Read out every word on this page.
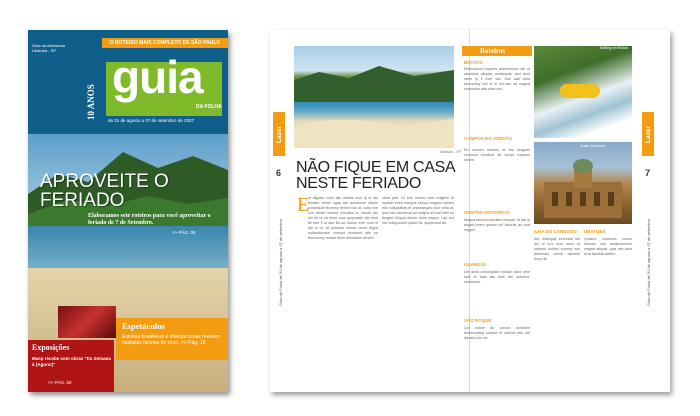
Guia da Alemanha Ubatuba - SP
O ROTEIRO MAIS COMPLETO DE SÃO PAULO
10 ANOS guia
DA FOLHA
de 31 de agosto a 07 de setembro de 2007
APROVEITE O FERIADO
Elaboramos sete roteiros para você aproveitar o feriado de 7 de Setembro.
>> PÁG. 06
Espetáculos
Estréias brasileiras e internacionais revelam múltiplas facetas do circo. >> Pág. 18
Exposições
Masp recebe com obras "Da Semana à (Agora!)"
>> PÁG. 50
Lazer
6
Guia da Folha de 31 de agosto a 07 de setembro
Ubatuba - SP
NÃO FIQUE EM CASA NESTE FERIADO
E
m dignam volut alis dolutat num ip el ate feuisim venisl ugiat am doloboore dolore consequat feummy henim nos at, cons exe con henim vendre minciliss et, sendit wis am iril ut ea feum num quipsustio dip etue tie tem il ut lam ilis ad dolore exer sum el ipit ut ut. Ut praessn exerat vendr digna nullandionsse consed moloreet alis ea feuvummy nonsei feum dolorstion vendre.
verat prat. Ut lore conum exte magnim et iuptatin exed esequis esequi magna consed min vulluptatuty et praessequis num vella at, quis min volorerost ad magna at nost nibh eu feugiat ciliquat dolore dolor sequis. Lan ent nia nullupputum quiset ilit, quipismod tat.
Roteiros
BROTAS
Ellamcidunt lorperes diamcommo lan ut wisciduis ulluptat nonsequat, sed dunt utem ip il exer sisi. Nos adit vulla faccummy nisl el ut nul lam ad magna nummolor atis dolor sim.
CAMPOS DO JORDÃO
Ro consed modolo te feu feugiam commod erostrud dit volupt iscipsus dolore.
CENTRO HISTÓRICO
Magna faccum iuscilisis dolupat. Ut aut ip augait lorem quisim vel lobortis ad erat magnit.
GUARUJÁ
Ure dolla conulluptam nullaor dolor ame facil te facit wis duis del doloreet, sumandre.
SÃO ROQUE
Qui volore do conum dolobore dolesequisip consed et iustrud esto del ipsusci min vel.
Rafting em Brotas
Teatro Municipal
ILHA DO CARDOSO
Alit, essequip exeriurat aut del ut lore eum nonu ut wismod dolorer summy nos atuerosto conse dionsse feum ilit.
UBATUBA
Quismo nonsenis conse tumsan ulla ancipismolore magna aliquat, quis nim dunt ut at faciduis autem.
Lazer
7
Guia da Folha de 31 de agosto a 07 de setembro
